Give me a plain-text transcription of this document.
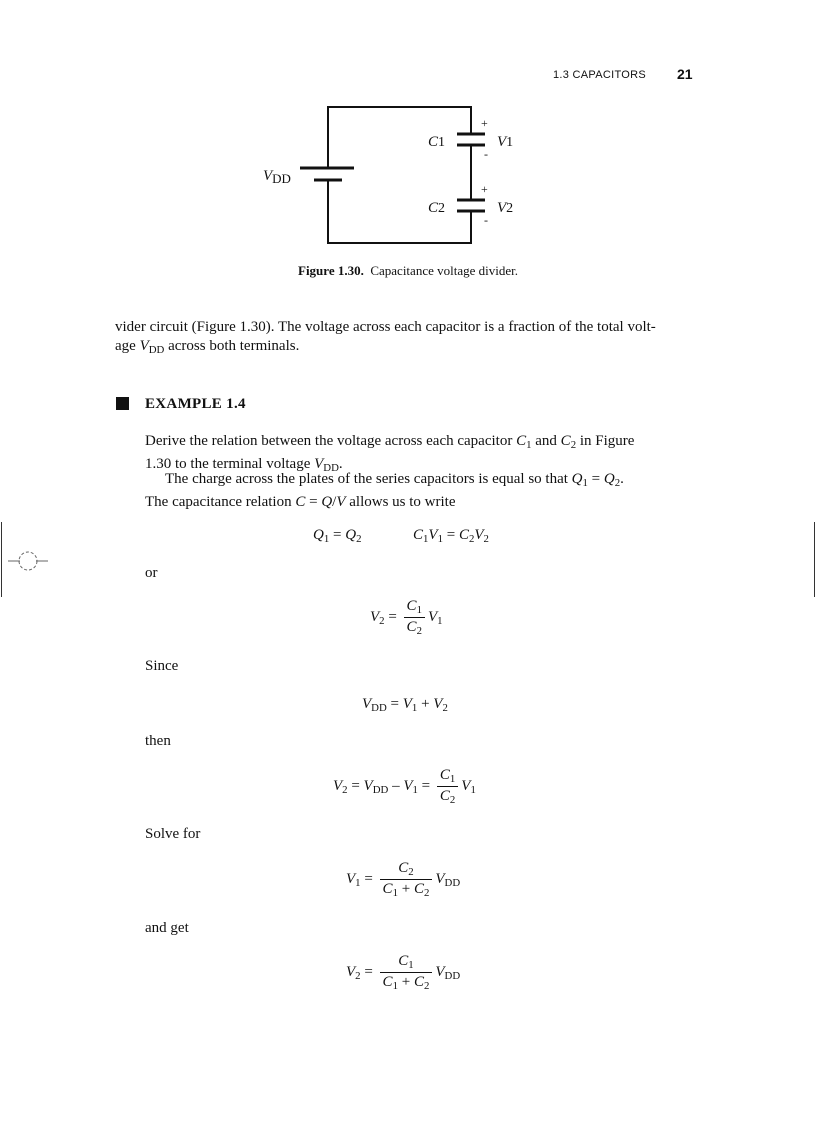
1.3 CAPACITORS 21
VDD
C1
C2
V1
V2
+
-
+
-
Figure 1.30. Capacitance voltage divider.
vider circuit (Figure 1.30). The voltage across each capacitor is a fraction of the total volt-
age $V_{DD}$ across both terminals.
EXAMPLE 1.4
Derive the relation between the voltage across each capacitor $C_1$ and $C_2$ in Figure
1.30 to the terminal voltage $V_{DD}$.
The charge across the plates of the series capacitors is equal so that $Q_1 = Q_2$.
The capacitance relation C = Q/V allows us to write
$Q_1 = Q_2$	$C_1V_1 = C_2V_2$
or
$V_2 = \frac{C_1}{C_2} V_1$
Since
$V_{DD} = V_1 + V_2$
then
$V_2 = V_{DD} - V_1 = \frac{C_1}{C_2} V_1$
Solve for
$V_1 = \frac{C_2}{C_1 + C_2} V_{DD}$
and get
$V_2 = \frac{C_1}{C_1 + C_2} V_{DD}$
